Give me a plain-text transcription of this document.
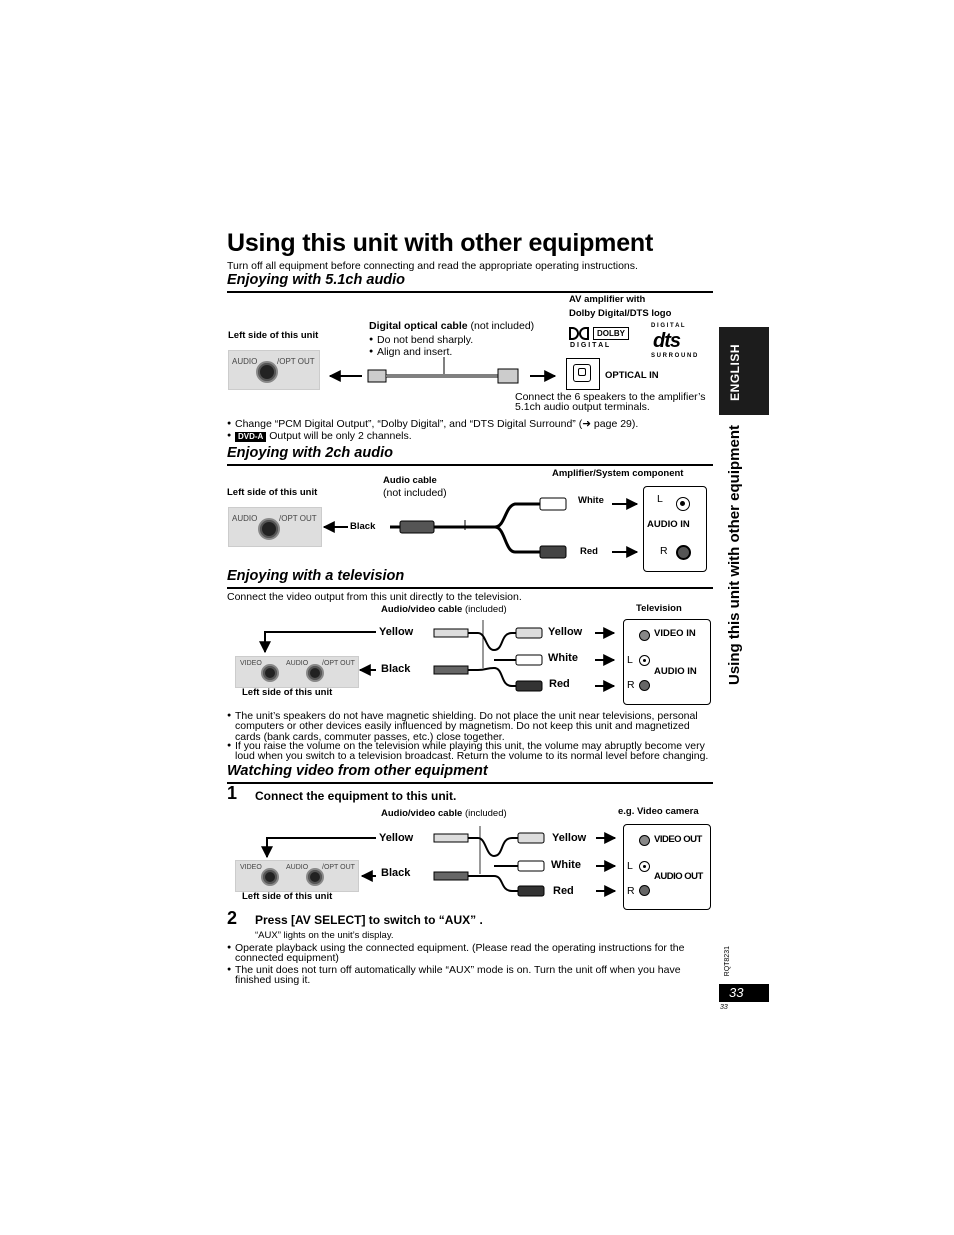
Using this unit with other equipment
Turn off all equipment before connecting and read the appropriate operating instructions.
ENGLISH
Using this unit with other equipment
RQT8231
33
33
Enjoying with 5.1ch audio
Left side of this unit
AUDIO /OPT OUT
Digital optical cable (not included)
● Do not bend sharply.
● Align and insert.
AV amplifier with
Dolby Digital/DTS logo
DOLBY
D I G I T A L
D I G I T A L
dts
S U R R O U N D
OPTICAL IN
Connect the 6 speakers to the amplifier’s
5.1ch audio output terminals.
● Change “PCM Digital Output”, “Dolby Digital”, and “DTS Digital Surround” (➜ page 29).
● DVD-A Output will be only 2 channels.
Enjoying with 2ch audio
Left side of this unit
AUDIO	/OPT OUT
Black
Audio cable
(not included)
Amplifier/System component
White
Red
L
AUDIO IN
R
Enjoying with a television
Connect the video output from this unit directly to the television.
Audio/video cable (included)	Television
Yellow
Black
Yellow
White
Red
VIDEO IN
L
AUDIO IN
R
VIDEO	AUDIO /OPT OUT
Left side of this unit
● The unit’s speakers do not have magnetic shielding. Do not place the unit near televisions, personal
computers or other devices easily influenced by magnetism. Do not keep this unit and magnetized
cards (bank cards, commuter passes, etc.) close together.
● If you raise the volume on the television while playing this unit, the volume may abruptly become very
loud when you switch to a television broadcast. Return the volume to its normal level before changing.
Watching video from other equipment
1 Connect the equipment to this unit.
Audio/video cable (included)	e.g. Video camera
Yellow
Black
Yellow
White
Red
VIDEO OUT
L
AUDIO OUT
R
VIDEO	AUDIO /OPT OUT
Left side of this unit
2 Press [AV SELECT] to switch to “AUX” .
“AUX” lights on the unit’s display.
● Operate playback using the connected equipment. (Please read the operating instructions for the
connected equipment)
● The unit does not turn off automatically while “AUX” mode is on. Turn the unit off when you have
finished using it.
